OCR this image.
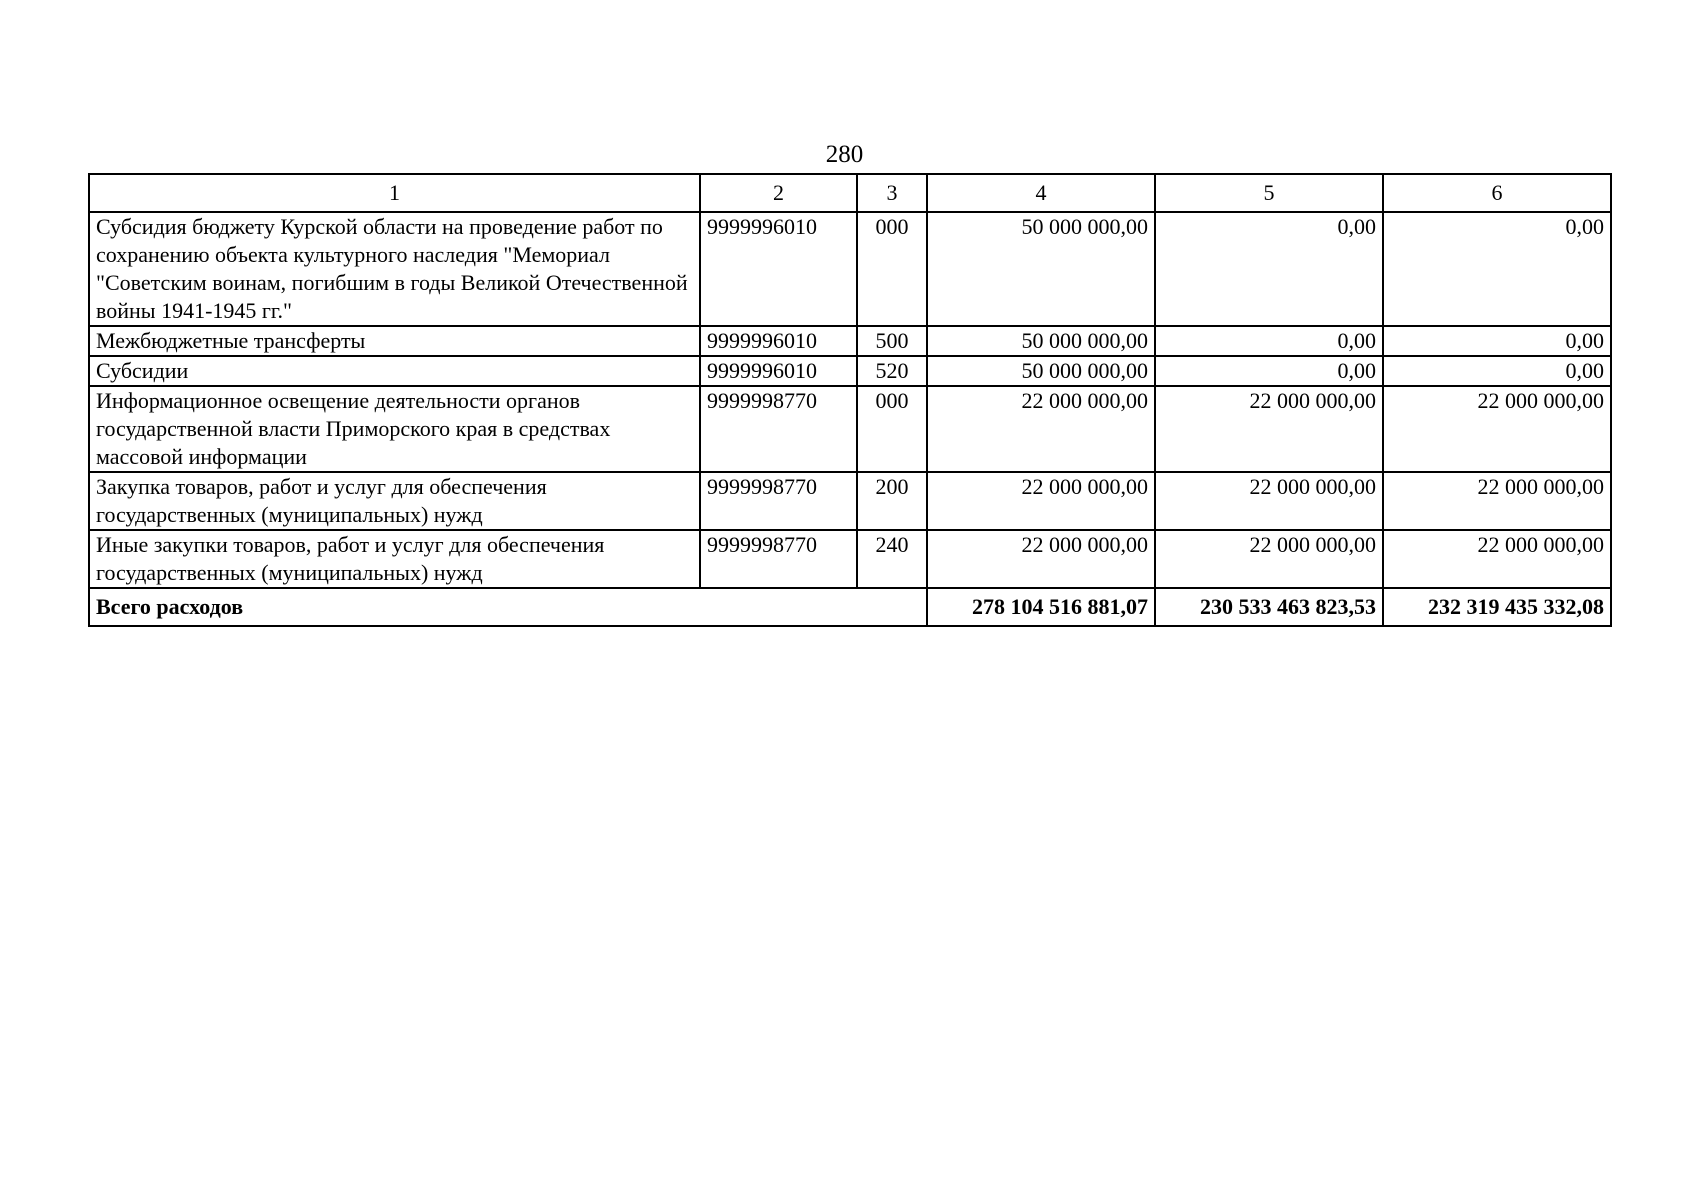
280
1	2	3	4	5	6
Субсидия бюджету Курской области на проведение работ по сохранению объекта культурного наследия "Мемориал "Советским воинам, погибшим в годы Великой Отечественной войны 1941-1945 гг."	9999996010	000	50 000 000,00	0,00	0,00
Межбюджетные трансферты	9999996010	500	50 000 000,00	0,00	0,00
Субсидии	9999996010	520	50 000 000,00	0,00	0,00
Информационное освещение деятельности органов государственной власти Приморского края в средствах массовой информации	9999998770	000	22 000 000,00	22 000 000,00	22 000 000,00
Закупка товаров, работ и услуг для обеспечения государственных (муниципальных) нужд	9999998770	200	22 000 000,00	22 000 000,00	22 000 000,00
Иные закупки товаров, работ и услуг для обеспечения государственных (муниципальных) нужд	9999998770	240	22 000 000,00	22 000 000,00	22 000 000,00
Всего расходов			278 104 516 881,07	230 533 463 823,53	232 319 435 332,08
